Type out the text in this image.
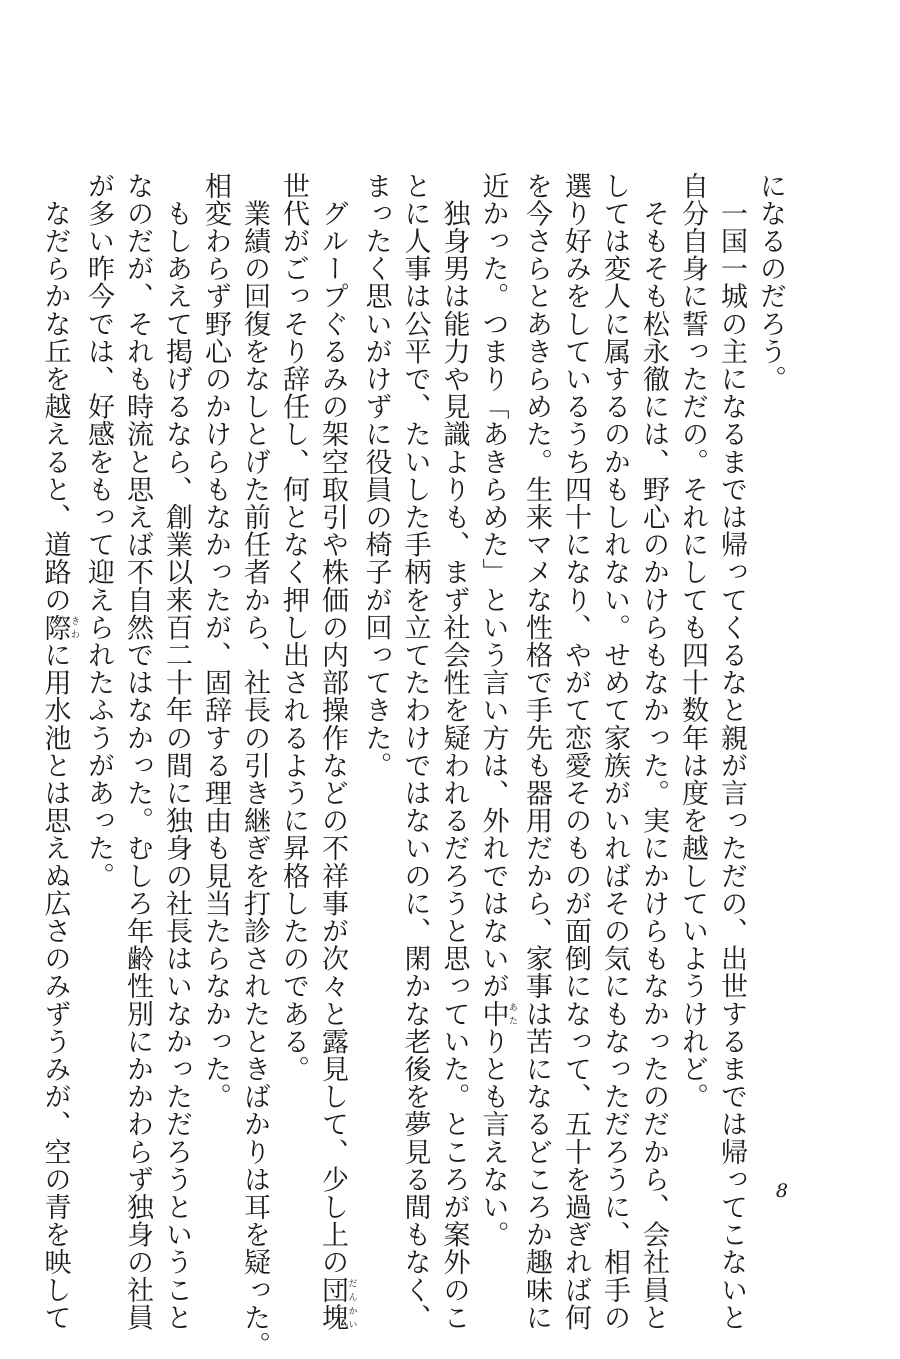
になるのだろう。
　一国一城の主になるまでは帰ってくるなと親が言っただの、出世するまでは帰ってこないと
自分自身に誓っただの。それにしても四十数年は度を越していようけれど。
　そもそも松永徹には、野心のかけらもなかった。実にかけらもなかったのだから、会社員と
しては変人に属するのかもしれない。せめて家族がいればその気にもなっただろうに、相手の
選り好みをしているうち四十になり、やがて恋愛そのものが面倒になって、五十を過ぎれば何
を今さらとあきらめた。生来マメな性格で手先も器用だから、家事は苦になるどころか趣味に
近かった。つまり「あきらめた」という言い方は、外れではないが中あたりとも言えない。
　独身男は能力や見識よりも、まず社会性を疑われるだろうと思っていた。ところが案外のこ
とに人事は公平で、たいした手柄を立てたわけではないのに、閑かな老後を夢見る間もなく、
まったく思いがけずに役員の椅子が回ってきた。
　グループぐるみの架空取引や株価の内部操作などの不祥事が次々と露見して、少し上の団塊だんかい
世代がごっそり辞任し、何となく押し出されるように昇格したのである。
　業績の回復をなしとげた前任者から、社長の引き継ぎを打診されたときばかりは耳を疑った。
相変わらず野心のかけらもなかったが、固辞する理由も見当たらなかった。
　もしあえて掲げるなら、創業以来百二十年の間に独身の社長はいなかっただろうということ
なのだが、それも時流と思えば不自然ではなかった。むしろ年齢性別にかかわらず独身の社員
が多い昨今では、好感をもって迎えられたふうがあった。
　なだらかな丘を越えると、道路の際きわに用水池とは思えぬ広さのみずうみが、空の青を映して	8
